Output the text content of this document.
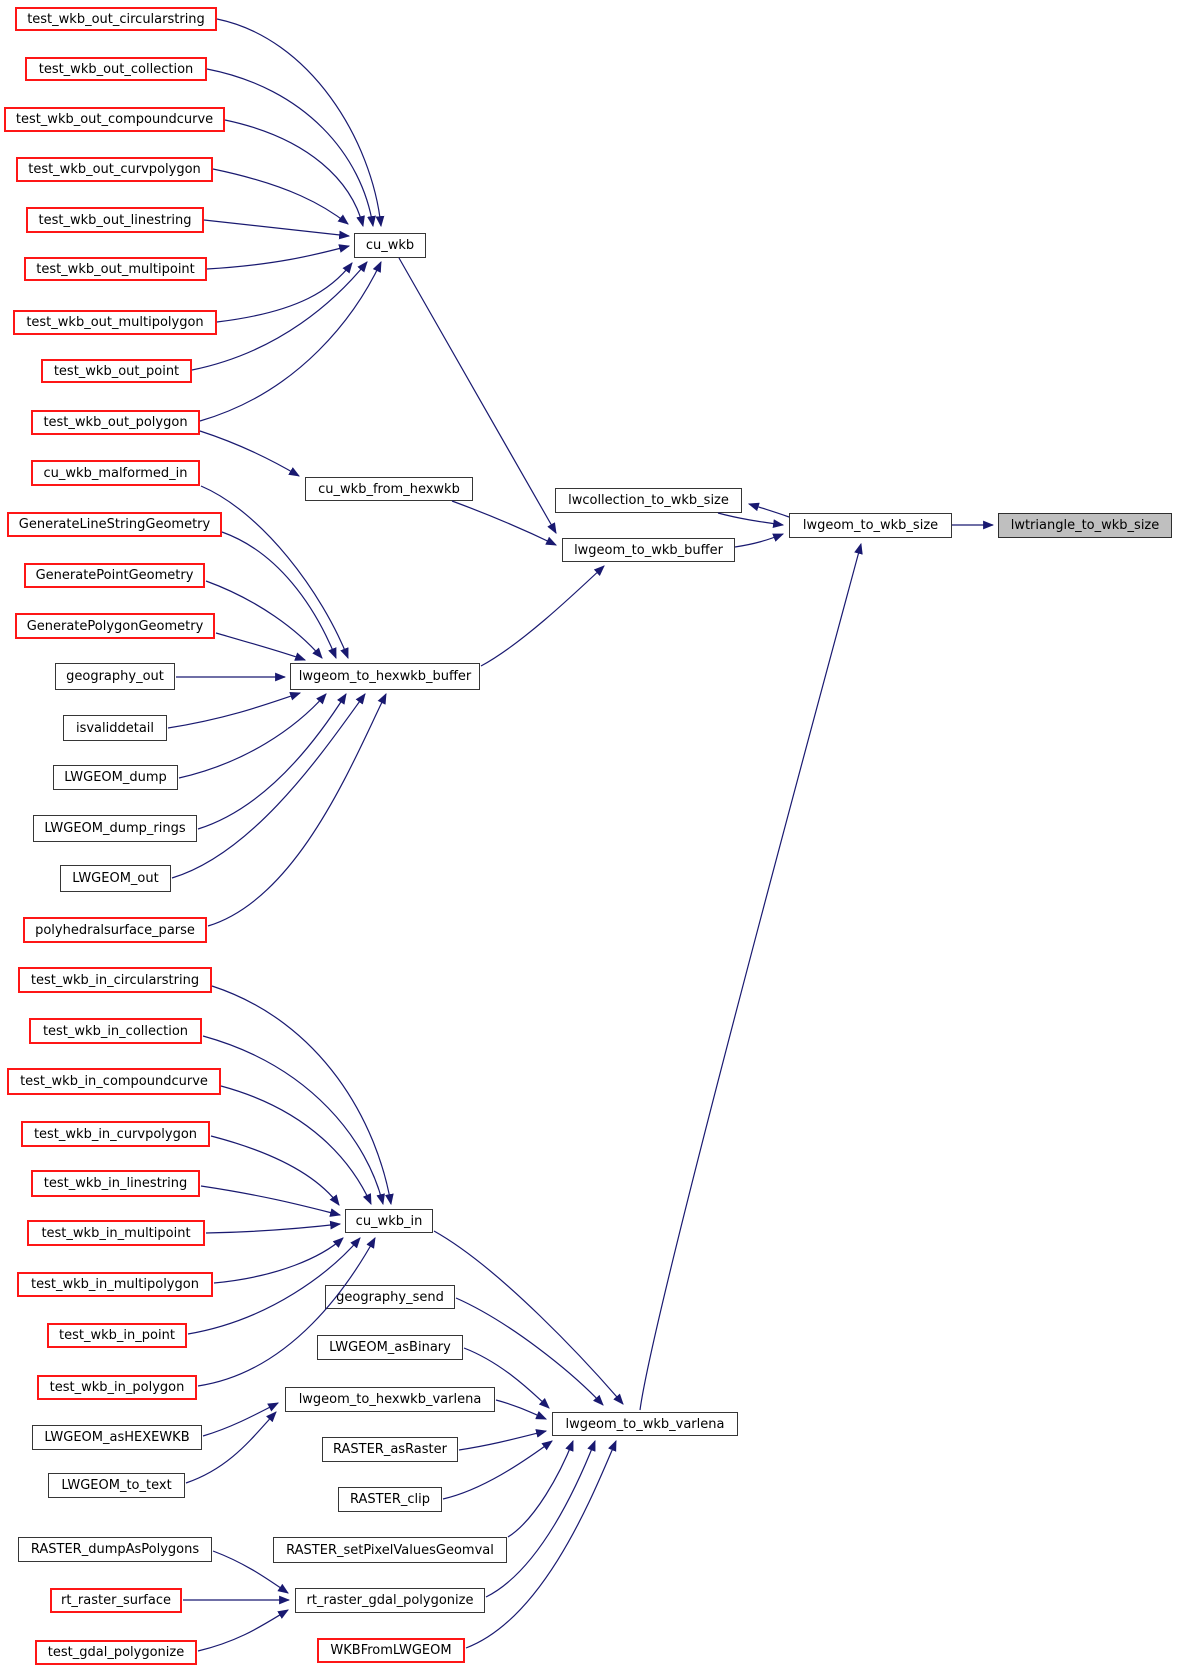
test_wkb_out_circularstring
test_wkb_out_collection
test_wkb_out_compoundcurve
test_wkb_out_curvpolygon
test_wkb_out_linestring
test_wkb_out_multipoint
test_wkb_out_multipolygon
test_wkb_out_point
test_wkb_out_polygon
cu_wkb_malformed_in
GenerateLineStringGeometry
GeneratePointGeometry
GeneratePolygonGeometry
geography_out
isvaliddetail
LWGEOM_dump
LWGEOM_dump_rings
LWGEOM_out
polyhedralsurface_parse
test_wkb_in_circularstring
test_wkb_in_collection
test_wkb_in_compoundcurve
test_wkb_in_curvpolygon
test_wkb_in_linestring
test_wkb_in_multipoint
test_wkb_in_multipolygon
test_wkb_in_point
test_wkb_in_polygon
LWGEOM_asHEXEWKB
LWGEOM_to_text
RASTER_dumpAsPolygons
rt_raster_surface
test_gdal_polygonize
cu_wkb
cu_wkb_from_hexwkb
lwgeom_to_hexwkb_buffer
cu_wkb_in
geography_send
LWGEOM_asBinary
lwgeom_to_hexwkb_varlena
RASTER_asRaster
RASTER_clip
RASTER_setPixelValuesGeomval
rt_raster_gdal_polygonize
WKBFromLWGEOM
lwcollection_to_wkb_size
lwgeom_to_wkb_buffer
lwgeom_to_wkb_size	lwtriangle_to_wkb_size
lwgeom_to_wkb_varlena
